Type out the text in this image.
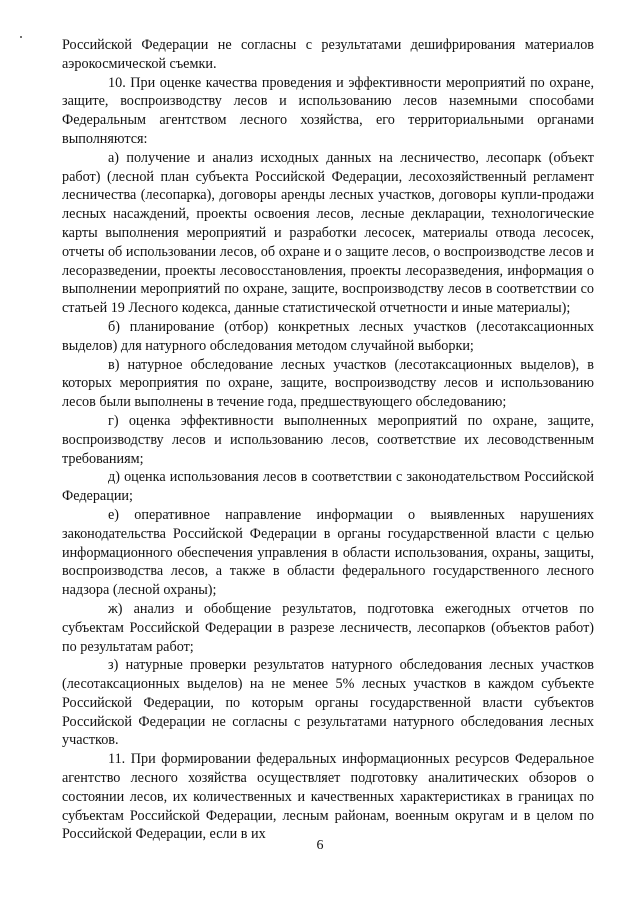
Российской Федерации не согласны с результатами дешифрирования материалов аэрокосмической съемки.

10. При оценке качества проведения и эффективности мероприятий по охране, защите, воспроизводству лесов и использованию лесов наземными способами Федеральным агентством лесного хозяйства, его территориальными органами выполняются:

а) получение и анализ исходных данных на лесничество, лесопарк (объект работ) (лесной план субъекта Российской Федерации, лесохозяйственный регламент лесничества (лесопарка), договоры аренды лесных участков, договоры купли-продажи лесных насаждений, проекты освоения лесов, лесные декларации, технологические карты выполнения мероприятий и разработки лесосек, материалы отвода лесосек, отчеты об использовании лесов, об охране и о защите лесов, о воспроизводстве лесов и лесоразведении, проекты лесовосстановления, проекты лесоразведения, информация о выполнении мероприятий по охране, защите, воспроизводству лесов в соответствии со статьей 19 Лесного кодекса, данные статистической отчетности и иные материалы);

б) планирование (отбор) конкретных лесных участков (лесотаксационных выделов) для натурного обследования методом случайной выборки;

в) натурное обследование лесных участков (лесотаксационных выделов), в которых мероприятия по охране, защите, воспроизводству лесов и использованию лесов были выполнены в течение года, предшествующего обследованию;

г) оценка эффективности выполненных мероприятий по охране, защите, воспроизводству лесов и использованию лесов, соответствие их лесоводственным требованиям;

д) оценка использования лесов в соответствии с законодательством Российской Федерации;

е) оперативное направление информации о выявленных нарушениях законодательства Российской Федерации в органы государственной власти с целью информационного обеспечения управления в области использования, охраны, защиты, воспроизводства лесов, а также в области федерального государственного лесного надзора (лесной охраны);

ж) анализ и обобщение результатов, подготовка ежегодных отчетов по субъектам Российской Федерации в разрезе лесничеств, лесопарков (объектов работ) по результатам работ;

з) натурные проверки результатов натурного обследования лесных участков (лесотаксационных выделов) на не менее 5% лесных участков в каждом субъекте Российской Федерации, по которым органы государственной власти субъектов Российской Федерации не согласны с результатами натурного обследования лесных участков.

11. При формировании федеральных информационных ресурсов Федеральное агентство лесного хозяйства осуществляет подготовку аналитических обзоров о состоянии лесов, их количественных и качественных характеристиках в границах по субъектам Российской Федерации, лесным районам, военным округам и в целом по Российской Федерации, если в их

6
